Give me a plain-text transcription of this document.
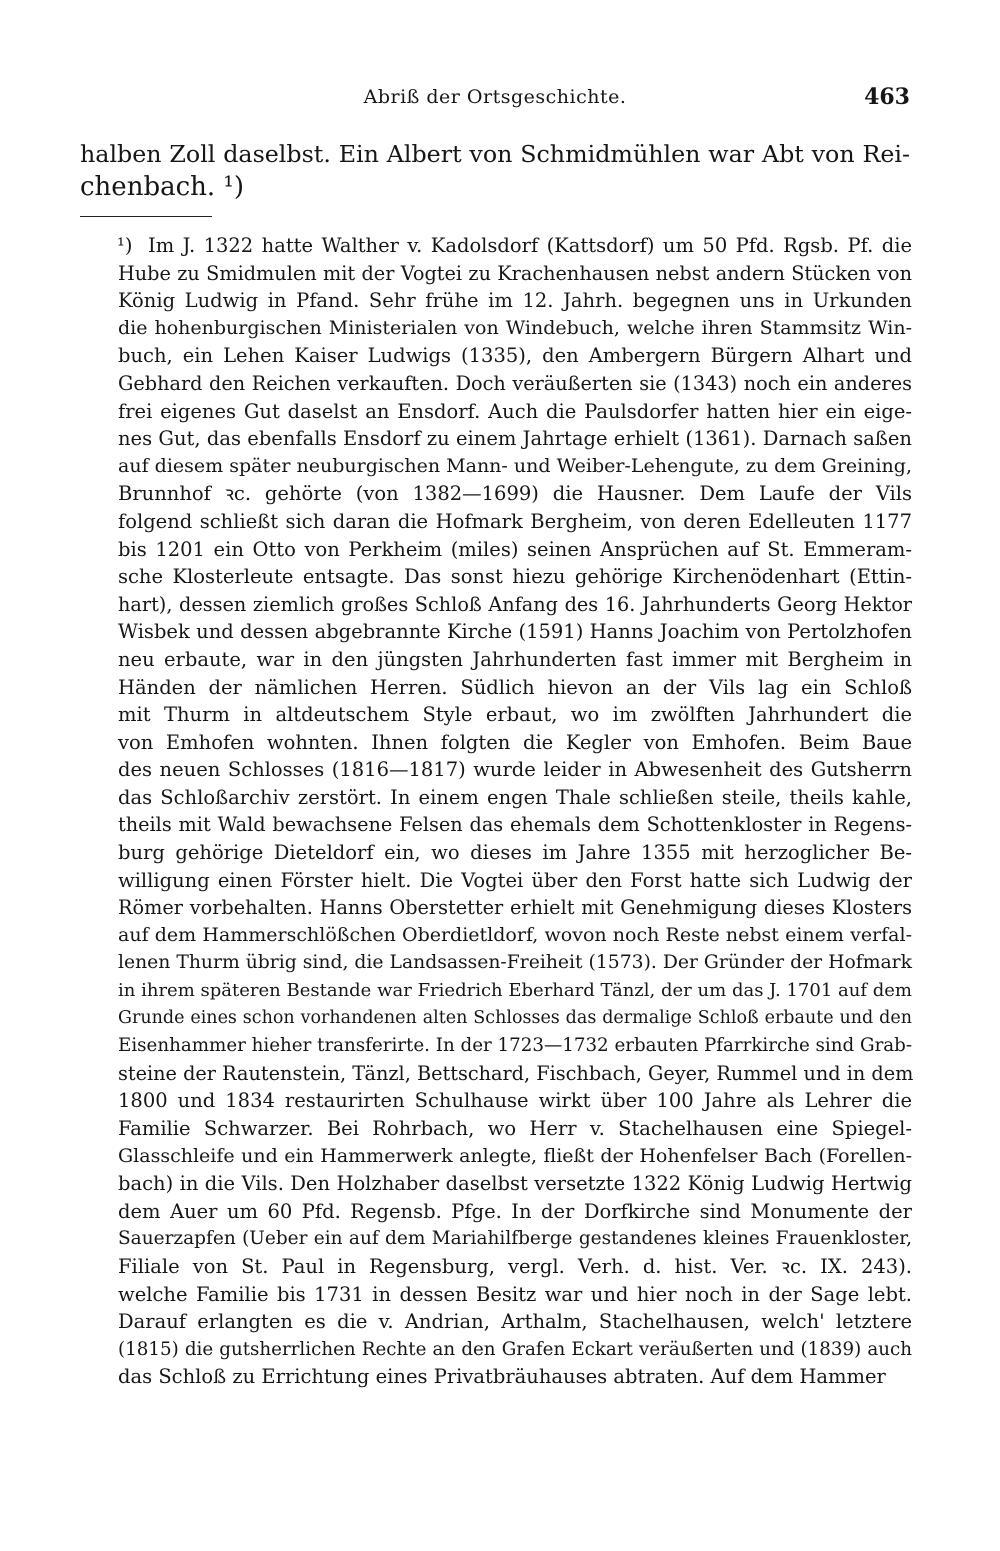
Abriß der Ortsgeschichte.	463
halben Zoll daselbst. Ein Albert von Schmidmühlen war Abt von Rei-
chenbach. ¹)
Im J. 1322 hatte Walther v. Kadolsdorf (Kattsdorf) um 50 Pfd. Rgsb. Pf. die
Hube zu Smidmulen mit der Vogtei zu Krachenhausen nebst andern Stücken von
König Ludwig in Pfand. Sehr frühe im 12. Jahrh. begegnen uns in Urkunden
die hohenburgischen Ministerialen von Windebuch, welche ihren Stammsitz Win-
buch, ein Lehen Kaiser Ludwigs (1335), den Ambergern Bürgern Alhart und
Gebhard den Reichen verkauften. Doch veräußerten sie (1343) noch ein anderes
frei eigenes Gut daselst an Ensdorf. Auch die Paulsdorfer hatten hier ein eige-
nes Gut, das ebenfalls Ensdorf zu einem Jahrtage erhielt (1361). Darnach saßen
auf diesem später neuburgischen Mann- und Weiber-Lehengute, zu dem Greining,
Brunnhof ꝛc. gehörte (von 1382—1699) die Hausner. Dem Laufe der Vils
folgend schließt sich daran die Hofmark Bergheim, von deren Edelleuten 1177
bis 1201 ein Otto von Perkheim (miles) seinen Ansprüchen auf St. Emmeram-
sche Klosterleute entsagte. Das sonst hiezu gehörige Kirchenödenhart (Ettin-
hart), dessen ziemlich großes Schloß Anfang des 16. Jahrhunderts Georg Hektor
Wisbek und dessen abgebrannte Kirche (1591) Hanns Joachim von Pertolzhofen
neu erbaute, war in den jüngsten Jahrhunderten fast immer mit Bergheim in
Händen der nämlichen Herren. Südlich hievon an der Vils lag ein Schloß
mit Thurm in altdeutschem Style erbaut, wo im zwölften Jahrhundert die
von Emhofen wohnten. Ihnen folgten die Kegler von Emhofen. Beim Baue
des neuen Schlosses (1816—1817) wurde leider in Abwesenheit des Gutsherrn
das Schloßarchiv zerstört. In einem engen Thale schließen steile, theils kahle,
theils mit Wald bewachsene Felsen das ehemals dem Schottenkloster in Regens-
burg gehörige Dieteldorf ein, wo dieses im Jahre 1355 mit herzoglicher Be-
willigung einen Förster hielt. Die Vogtei über den Forst hatte sich Ludwig der
Römer vorbehalten. Hanns Oberstetter erhielt mit Genehmigung dieses Klosters
auf dem Hammerschlößchen Oberdietldorf, wovon noch Reste nebst einem verfal-
lenen Thurm übrig sind, die Landsassen-Freiheit (1573). Der Gründer der Hofmark
in ihrem späteren Bestande war Friedrich Eberhard Tänzl, der um das J. 1701 auf dem
Grunde eines schon vorhandenen alten Schlosses das dermalige Schloß erbaute und den
Eisenhammer hieher transferirte. In der 1723—1732 erbauten Pfarrkirche sind Grab-
steine der Rautenstein, Tänzl, Bettschard, Fischbach, Geyer, Rummel und in dem
1800 und 1834 restaurirten Schulhause wirkt über 100 Jahre als Lehrer die
Familie Schwarzer. Bei Rohrbach, wo Herr v. Stachelhausen eine Spiegel-
Glasschleife und ein Hammerwerk anlegte, fließt der Hohenfelser Bach (Forellen-
bach) in die Vils. Den Holzhaber daselbst versetzte 1322 König Ludwig Hertwig
dem Auer um 60 Pfd. Regensb. Pfge. In der Dorfkirche sind Monumente der
Sauerzapfen (Ueber ein auf dem Mariahilfberge gestandenes kleines Frauenkloster,
Filiale von St. Paul in Regensburg, vergl. Verh. d. hist. Ver. ꝛc. IX. 243).
welche Familie bis 1731 in dessen Besitz war und hier noch in der Sage lebt.
Darauf erlangten es die v. Andrian, Arthalm, Stachelhausen, welch' letztere
(1815) die gutsherrlichen Rechte an den Grafen Eckart veräußerten und (1839) auch
das Schloß zu Errichtung eines Privatbräuhauses abtraten. Auf dem Hammer
¹)
